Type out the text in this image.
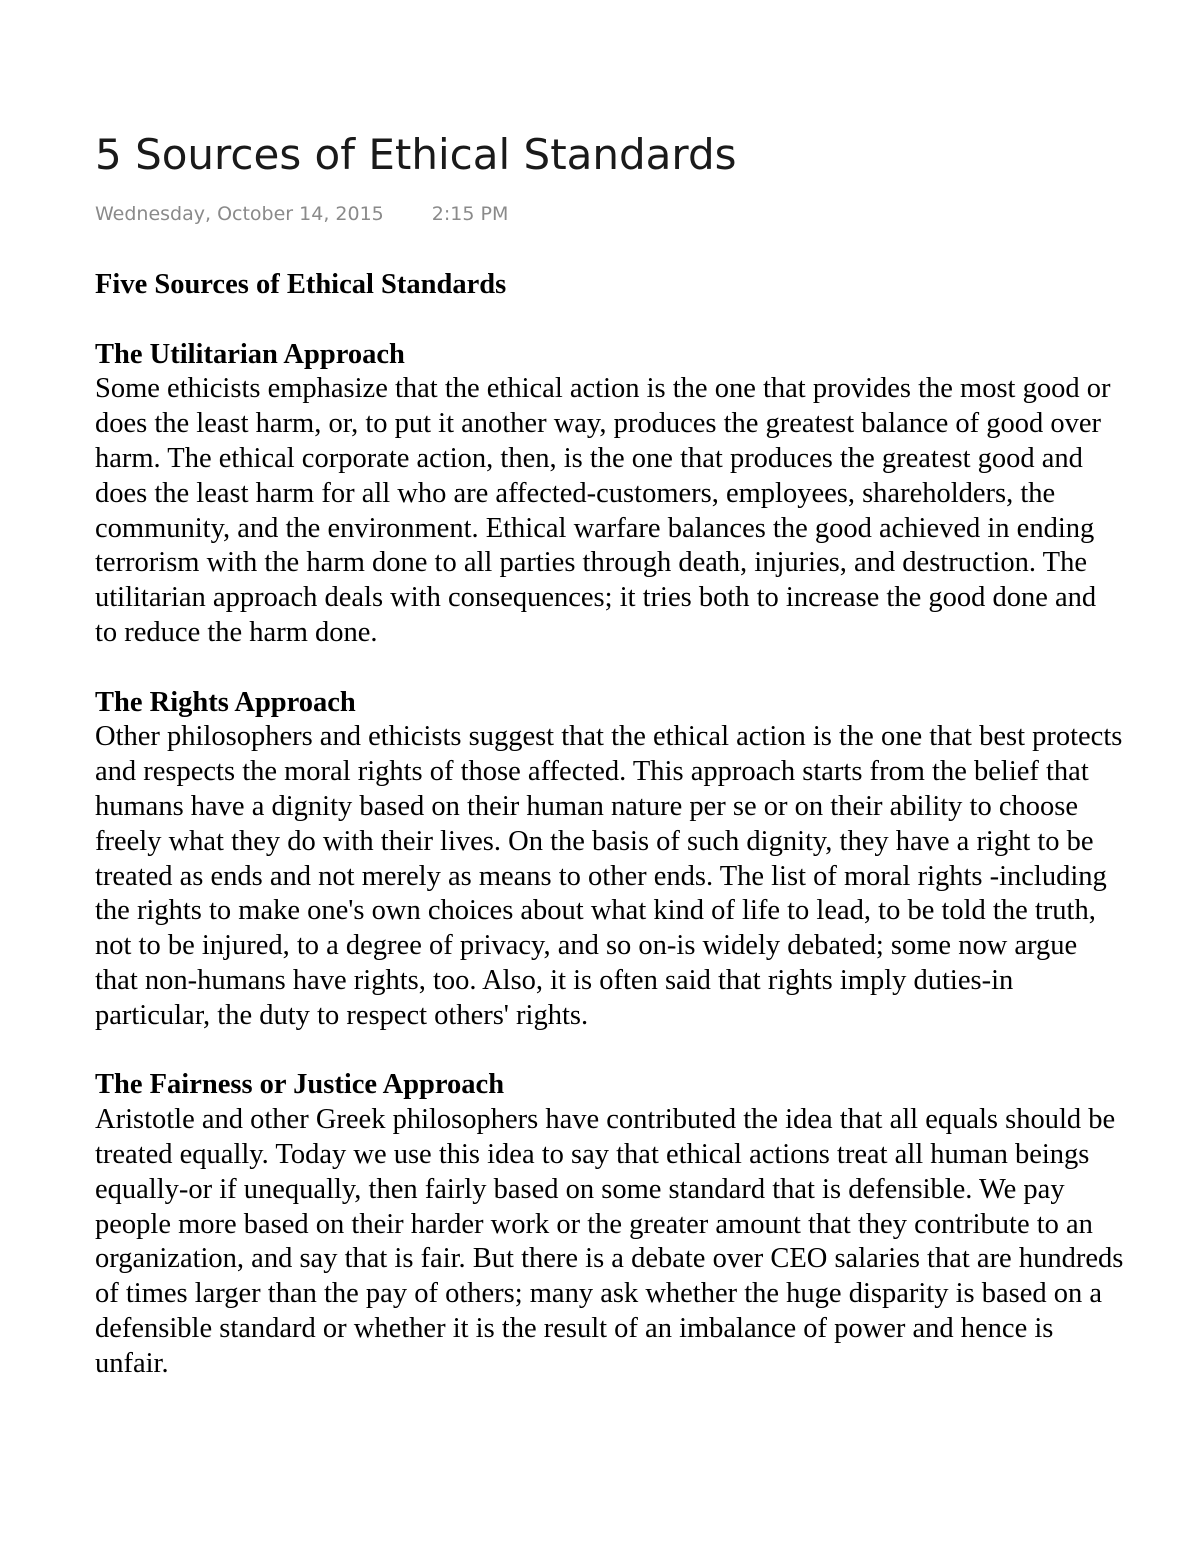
5 Sources of Ethical Standards
Wednesday, October 14, 2015	2:15 PM
Five Sources of Ethical Standards
The Utilitarian Approach
Some ethicists emphasize that the ethical action is the one that provides the most good or does the least harm, or, to put it another way, produces the greatest balance of good over harm. The ethical corporate action, then, is the one that produces the greatest good and does the least harm for all who are affected-customers, employees, shareholders, the community, and the environment. Ethical warfare balances the good achieved in ending terrorism with the harm done to all parties through death, injuries, and destruction. The utilitarian approach deals with consequences; it tries both to increase the good done and to reduce the harm done.
The Rights Approach
Other philosophers and ethicists suggest that the ethical action is the one that best protects and respects the moral rights of those affected. This approach starts from the belief that humans have a dignity based on their human nature per se or on their ability to choose freely what they do with their lives. On the basis of such dignity, they have a right to be treated as ends and not merely as means to other ends. The list of moral rights -including the rights to make one's own choices about what kind of life to lead, to be told the truth, not to be injured, to a degree of privacy, and so on-is widely debated; some now argue that non-humans have rights, too. Also, it is often said that rights imply duties-in particular, the duty to respect others' rights.
The Fairness or Justice Approach
Aristotle and other Greek philosophers have contributed the idea that all equals should be treated equally. Today we use this idea to say that ethical actions treat all human beings equally-or if unequally, then fairly based on some standard that is defensible. We pay people more based on their harder work or the greater amount that they contribute to an organization, and say that is fair. But there is a debate over CEO salaries that are hundreds of times larger than the pay of others; many ask whether the huge disparity is based on a defensible standard or whether it is the result of an imbalance of power and hence is unfair.
